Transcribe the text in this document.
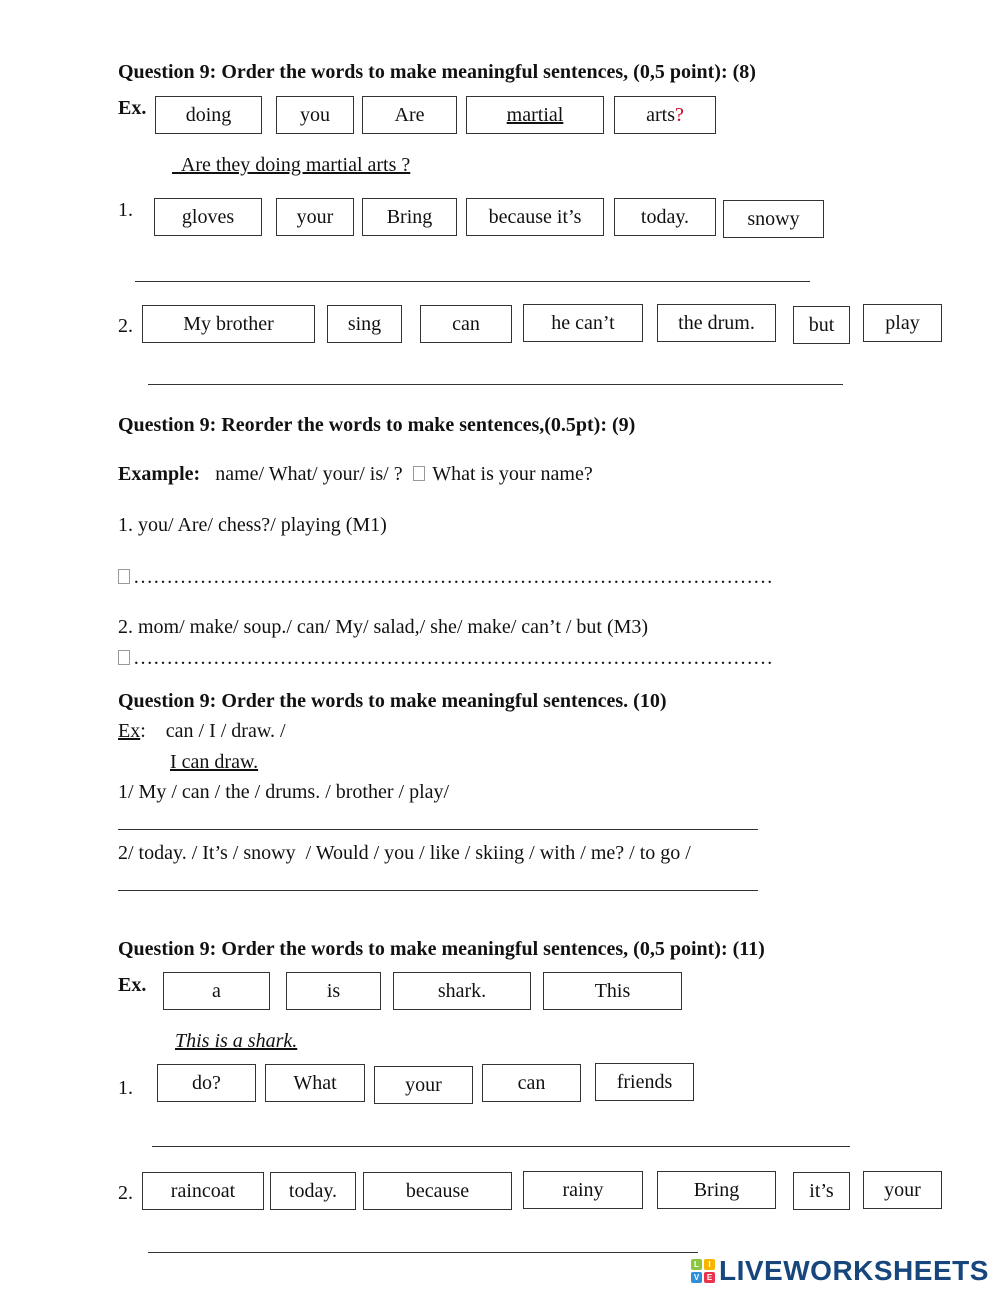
Question 9: Order the words to make meaningful sentences, (0,5 point): (8)
Ex.	doing	you	Are	martial	arts ?
Are they doing martial arts ?
1.	gloves	your	Bring	because it’s	today.	snowy
2.	My brother	sing	can	he can’t	the drum.	but	play
Question 9: Reorder the words to make sentences,(0.5pt): (9)
Example: name/ What/ your/ is/ ? What is your name?
1. you/ Are/ chess?/ playing (M1)
……………………………………………………………………………………
2. mom/ make/ soup./ can/ My/ salad,/ she/ make/ can’t / but (M3)
……………………………………………………………………………………
Question 9: Order the words to make meaningful sentences. (10)
Ex:    can / I / draw. /
I can draw.
1/ My / can / the / drums. / brother / play/
2/ today. / It’s / snowy  / Would / you / like / skiing / with / me? / to go /
Question 9: Order the words to make meaningful sentences, (0,5 point): (11)
Ex.	a	is	shark.	This
This is a shark.
1.	do?	What	your	can	friends
2.	raincoat	today.	because	rainy	Bring	it’s	your
L	I
V E LIVEWORKSHEETS
